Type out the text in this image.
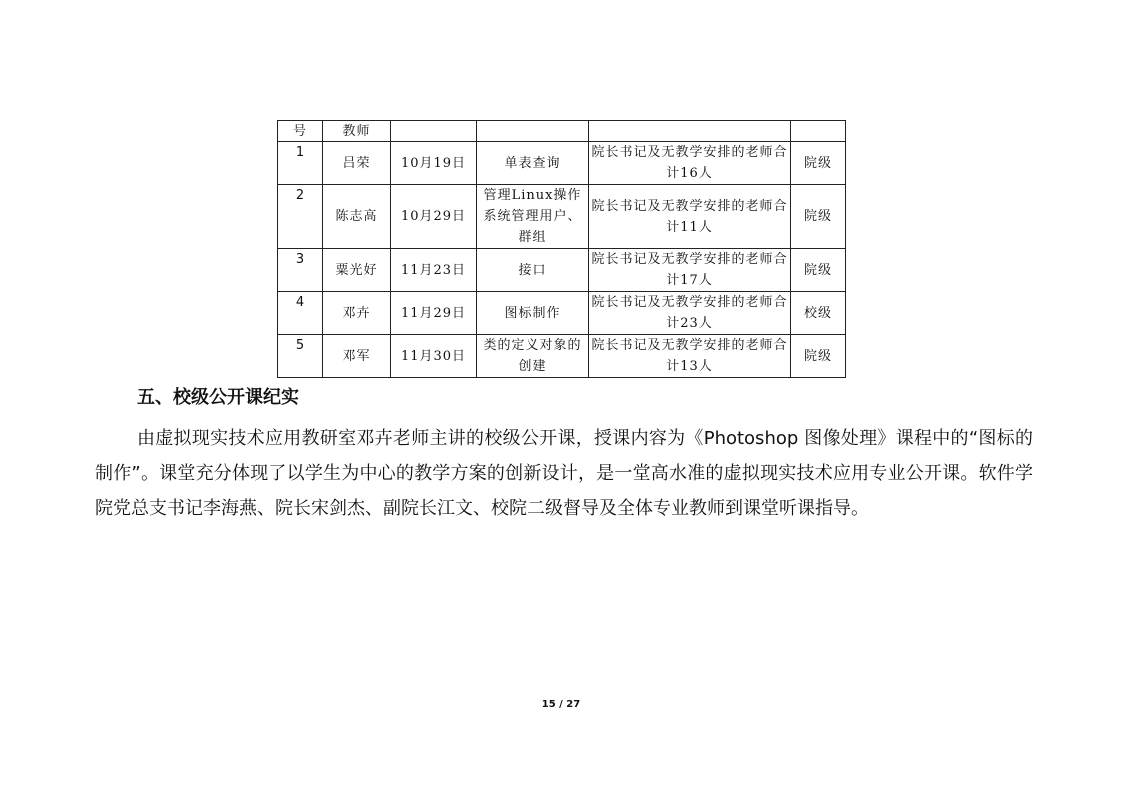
号	教师				
1	吕荣	10月19日	单表查询	院长书记及无教学安排的老师合计16人	院级
2	陈志高	10月29日	管理Linux操作系统管理用户、群组	院长书记及无教学安排的老师合计11人	院级
3	粟光好	11月23日	接口	院长书记及无教学安排的老师合计17人	院级
4	邓卉	11月29日	图标制作	院长书记及无教学安排的老师合计23人	校级
5	邓军	11月30日	类的定义对象的创建	院长书记及无教学安排的老师合计13人	院级
五、校级公开课纪实

由虚拟现实技术应用教研室邓卉老师主讲的校级公开课，授课内容为《Photoshop 图像处理》课程中的“图标的制作”。课堂充分体现了以学生为中心的教学方案的创新设计，是一堂高水准的虚拟现实技术应用专业公开课。软件学院党总支书记李海燕、院长宋剑杰、副院长江文、校院二级督导及全体专业教师到课堂听课指导。

15 / 27
